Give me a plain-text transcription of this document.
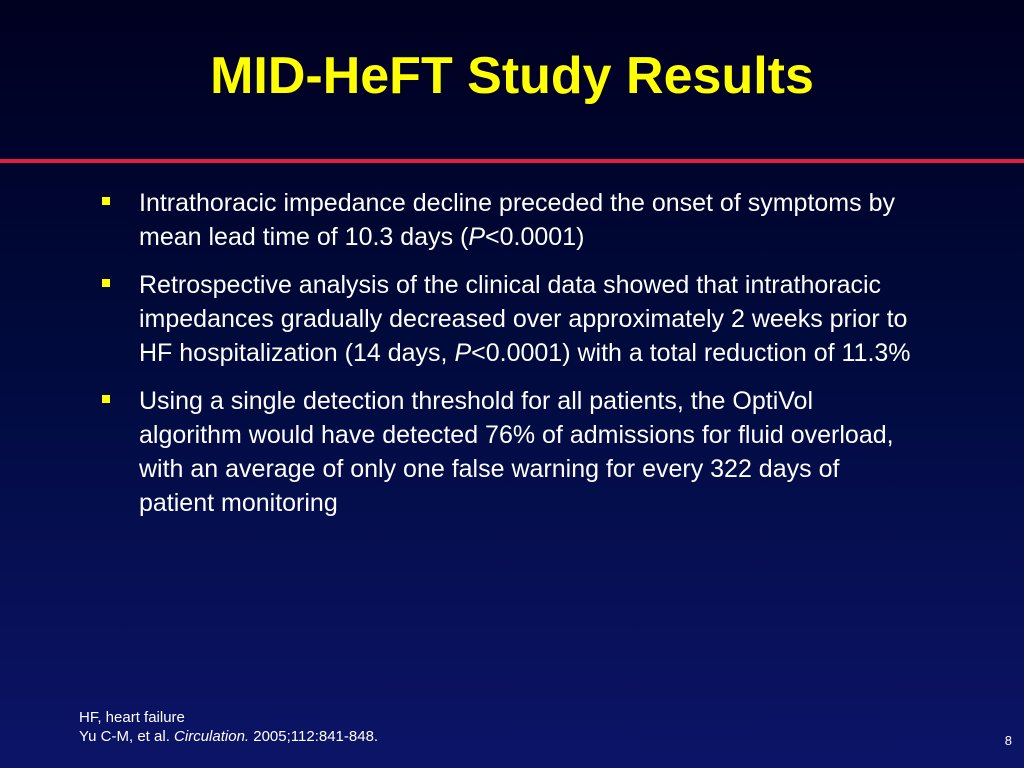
MID-HeFT Study Results
Intrathoracic impedance decline preceded the onset of symptoms by mean lead time of 10.3 days (P<0.0001)
Retrospective analysis of the clinical data showed that intrathoracic impedances gradually decreased over approximately 2 weeks prior to HF hospitalization (14 days, P<0.0001) with a total reduction of 11.3%
Using a single detection threshold for all patients, the OptiVol algorithm would have detected 76% of admissions for fluid overload, with an average of only one false warning for every 322 days of patient monitoring
HF, heart failure
Yu C-M, et al. Circulation. 2005;112:841-848.	8
